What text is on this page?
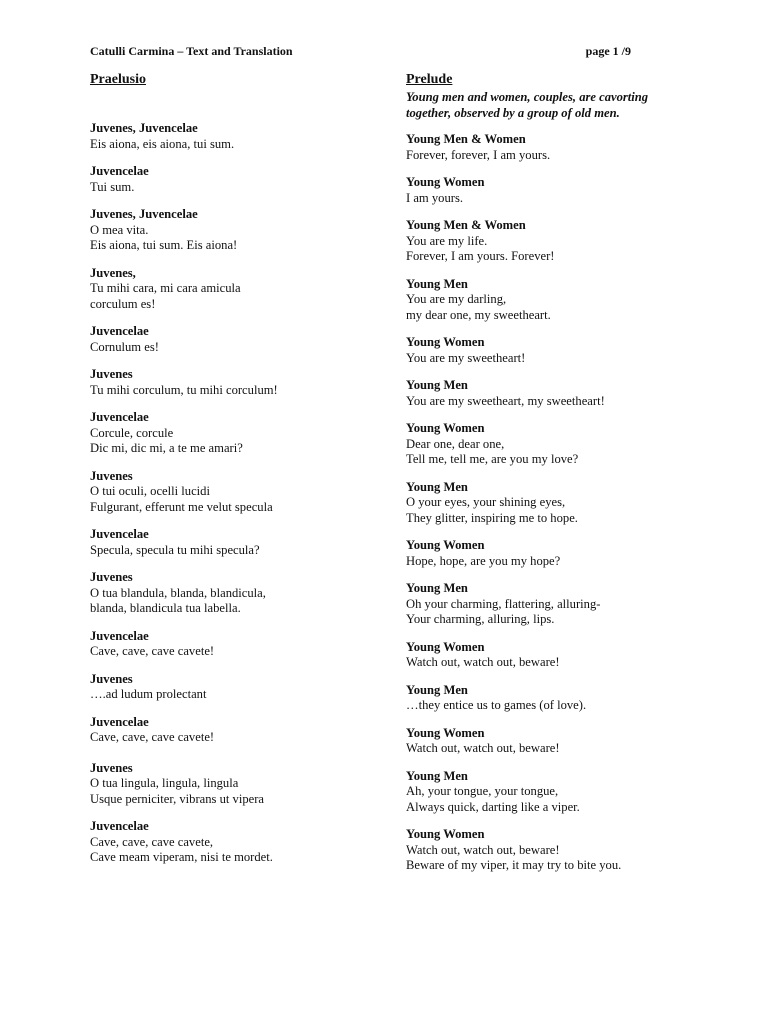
Catulli Carmina – Text and Translation	page 1 /9
Praelusio
Juvenes, Juvencelae
Eis aiona, eis aiona, tui sum.
Juvencelae
Tui sum.
Juvenes, Juvencelae
O mea vita.
Eis aiona, tui sum. Eis aiona!
Juvenes,
Tu mihi cara, mi cara amicula
corculum es!
Juvencelae
Cornulum es!
Juvenes
Tu mihi corculum, tu mihi corculum!
Juvencelae
Corcule, corcule
Dic mi, dic mi, a te me amari?
Juvenes
O tui oculi, ocelli lucidi
Fulgurant, efferunt me velut specula
Juvencelae
Specula, specula tu mihi specula?
Juvenes
O tua blandula, blanda, blandicula,
blanda, blandicula tua labella.
Juvencelae
Cave, cave, cave cavete!
Juvenes
….ad ludum prolectant
Juvencelae
Cave, cave, cave cavete!
Juvenes
O tua lingula, lingula, lingula
Usque perniciter, vibrans ut vipera
Juvencelae
Cave, cave, cave cavete,
Cave meam viperam, nisi te mordet.
Prelude
Young men and women, couples, are cavorting together, observed by a group of old men.
Young Men & Women
Forever, forever, I am yours.
Young Women
I am yours.
Young Men & Women
You are my life.
Forever, I am yours. Forever!
Young Men
You are my darling,
my dear one, my sweetheart.
Young Women
You are my sweetheart!
Young Men
You are my sweetheart, my sweetheart!
Young Women
Dear one, dear one,
Tell me, tell me, are you my love?
Young Men
O your eyes, your shining eyes,
They glitter, inspiring me to hope.
Young Women
Hope, hope, are you my hope?
Young Men
Oh your charming, flattering, alluring-
Your charming, alluring, lips.
Young Women
Watch out, watch out, beware!
Young Men
…they entice us to games (of love).
Young Women
Watch out, watch out, beware!
Young Men
Ah, your tongue, your tongue,
Always quick, darting like a viper.
Young Women
Watch out, watch out, beware!
Beware of my viper, it may try to bite you.
